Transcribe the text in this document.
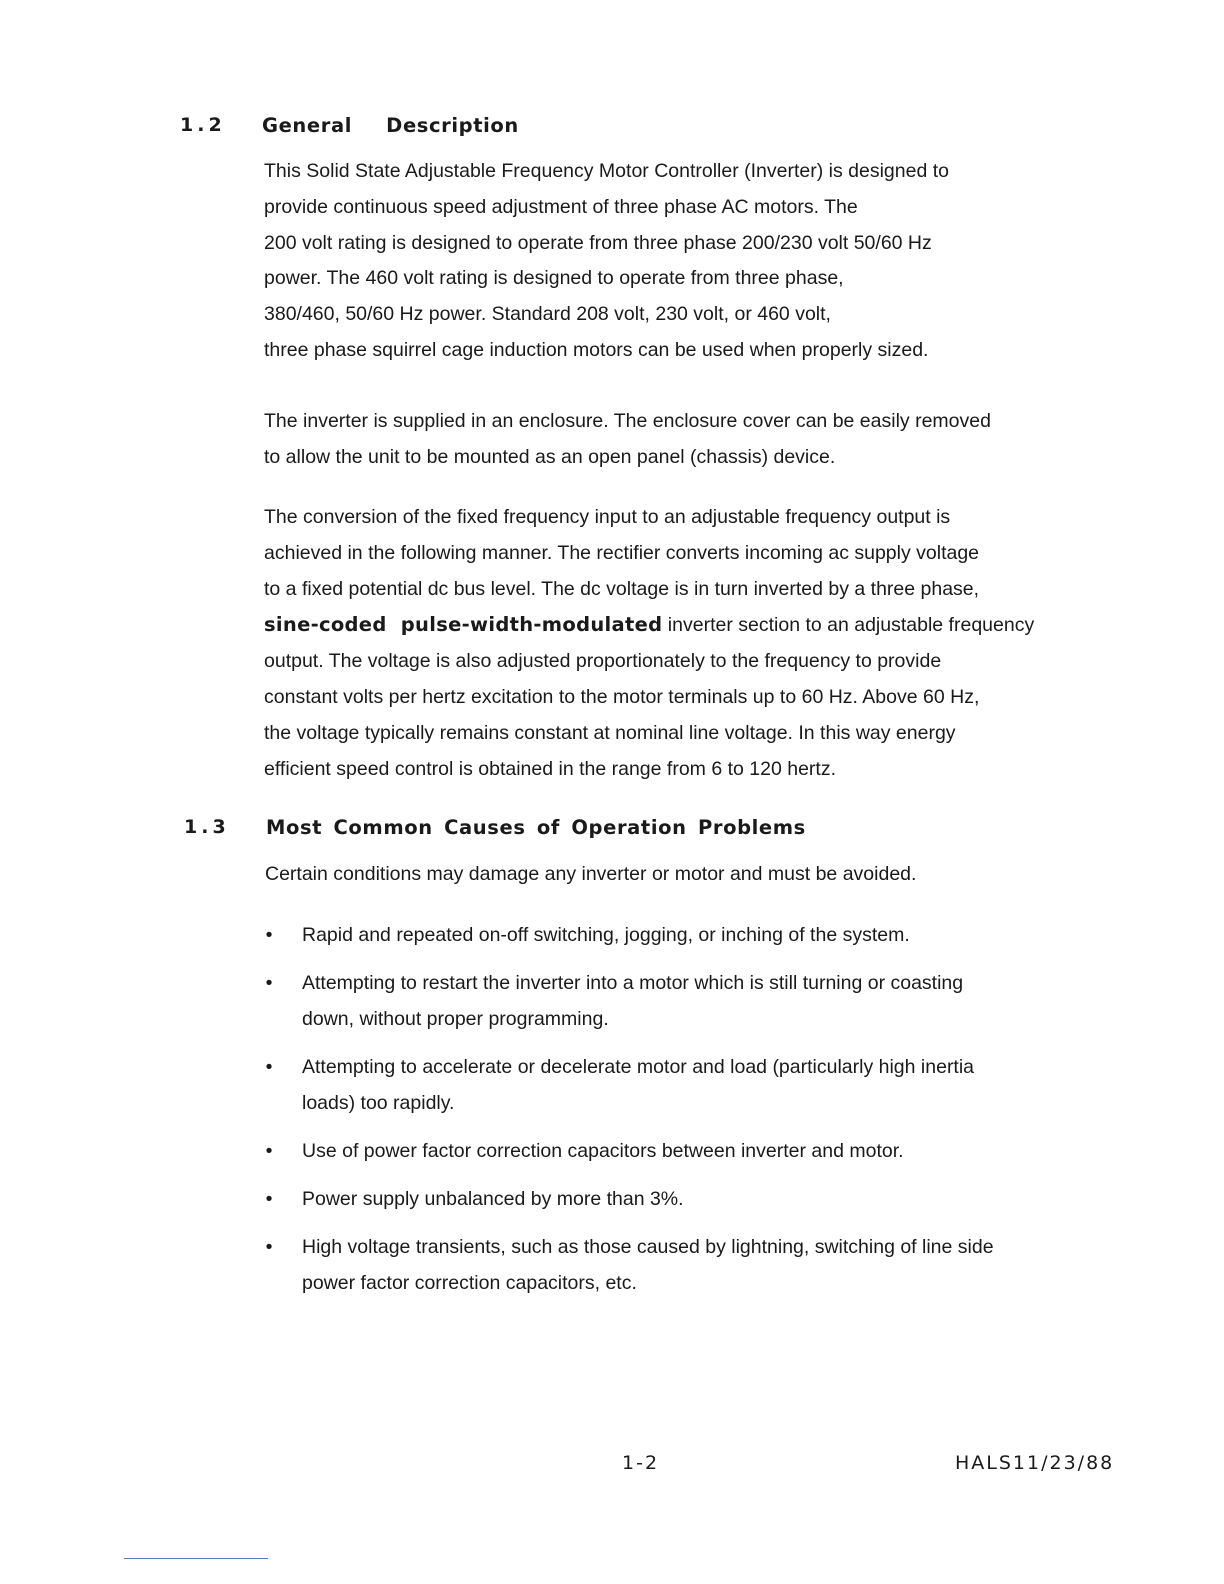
1.2 General   Description
This Solid State Adjustable Frequency Motor Controller (Inverter) is designed to
provide continuous speed adjustment of three phase AC motors. The
200 volt rating is designed to operate from three phase 200/230 volt 50/60 Hz
power. The 460 volt rating is designed to operate from three phase,
380/460, 50/60 Hz power. Standard 208 volt, 230 volt, or 460 volt,
three phase squirrel cage induction motors can be used when properly sized.
The inverter is supplied in an enclosure. The enclosure cover can be easily removed
to allow the unit to be mounted as an open panel (chassis) device.
The conversion of the fixed frequency input to an adjustable frequency output is
achieved in the following manner. The rectifier converts incoming ac supply voltage
to a fixed potential dc bus level. The dc voltage is in turn inverted by a three phase,
sine-coded  pulse-width-modulated inverter section to an adjustable frequency
output. The voltage is also adjusted proportionately to the frequency to provide
constant volts per hertz excitation to the motor terminals up to 60 Hz. Above 60 Hz,
the voltage typically remains constant at nominal line voltage. In this way energy
efficient speed control is obtained in the range from 6 to 120 hertz.
1.3 Most Common Causes of Operation Problems
Certain conditions may damage any inverter or motor and must be avoided.
• Rapid and repeated on-off switching, jogging, or inching of the system.
• Attempting to restart the inverter into a motor which is still turning or coasting
down, without proper programming.
• Attempting to accelerate or decelerate motor and load (particularly high inertia
loads) too rapidly.
• Use of power factor correction capacitors between inverter and motor.
• Power supply unbalanced by more than 3%.
• High voltage transients, such as those caused by lightning, switching of line side
power factor correction capacitors, etc.
1-2	HALS11/23/88
